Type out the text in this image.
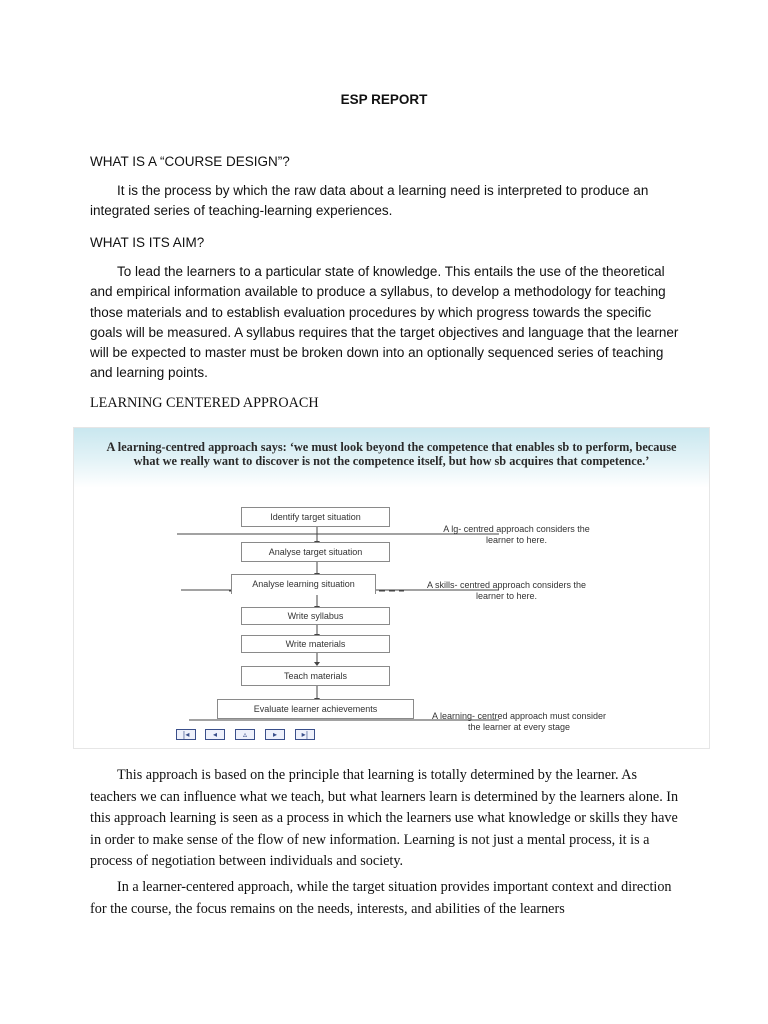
ESP REPORT
WHAT IS A “COURSE DESIGN”?

It is the process by which the raw data about a learning need is interpreted to produce an integrated series of teaching-learning experiences.

WHAT IS ITS AIM?

To lead the learners to a particular state of knowledge. This entails the use of the theoretical and empirical information available to produce a syllabus, to develop a methodology for teaching those materials and to establish evaluation procedures by which progress towards the specific goals will be measured. A syllabus requires that the target objectives and language that the learner will be expected to master must be broken down into an optionally sequenced series of teaching and learning points.

LEARNING CENTERED APPROACH
A learning-centred approach says: ‘we must look beyond the competence that enables sb to perform, because what we really want to discover is not the competence itself, but how sb acquires that competence.’
Identify target situation
Analyse target situation
Analyse learning situation
Write syllabus
Write materials
Teach materials
Evaluate learner achievements
A lg- centred approach considers the learner to here.
A skills- centred approach considers the learner to here.
A learning- centred approach must consider the learner at every stage
|◂	◂	▵	▸	▸|

This approach is based on the principle that learning is totally determined by the learner. As teachers we can influence what we teach, but what learners learn is determined by the learners alone. In this approach learning is seen as a process in which the learners use what knowledge or skills they have in order to make sense of the flow of new information. Learning is not just a mental process, it is a process of negotiation between individuals and society.

In a learner-centered approach, while the target situation provides important context and direction for the course, the focus remains on the needs, interests, and abilities of the learners
